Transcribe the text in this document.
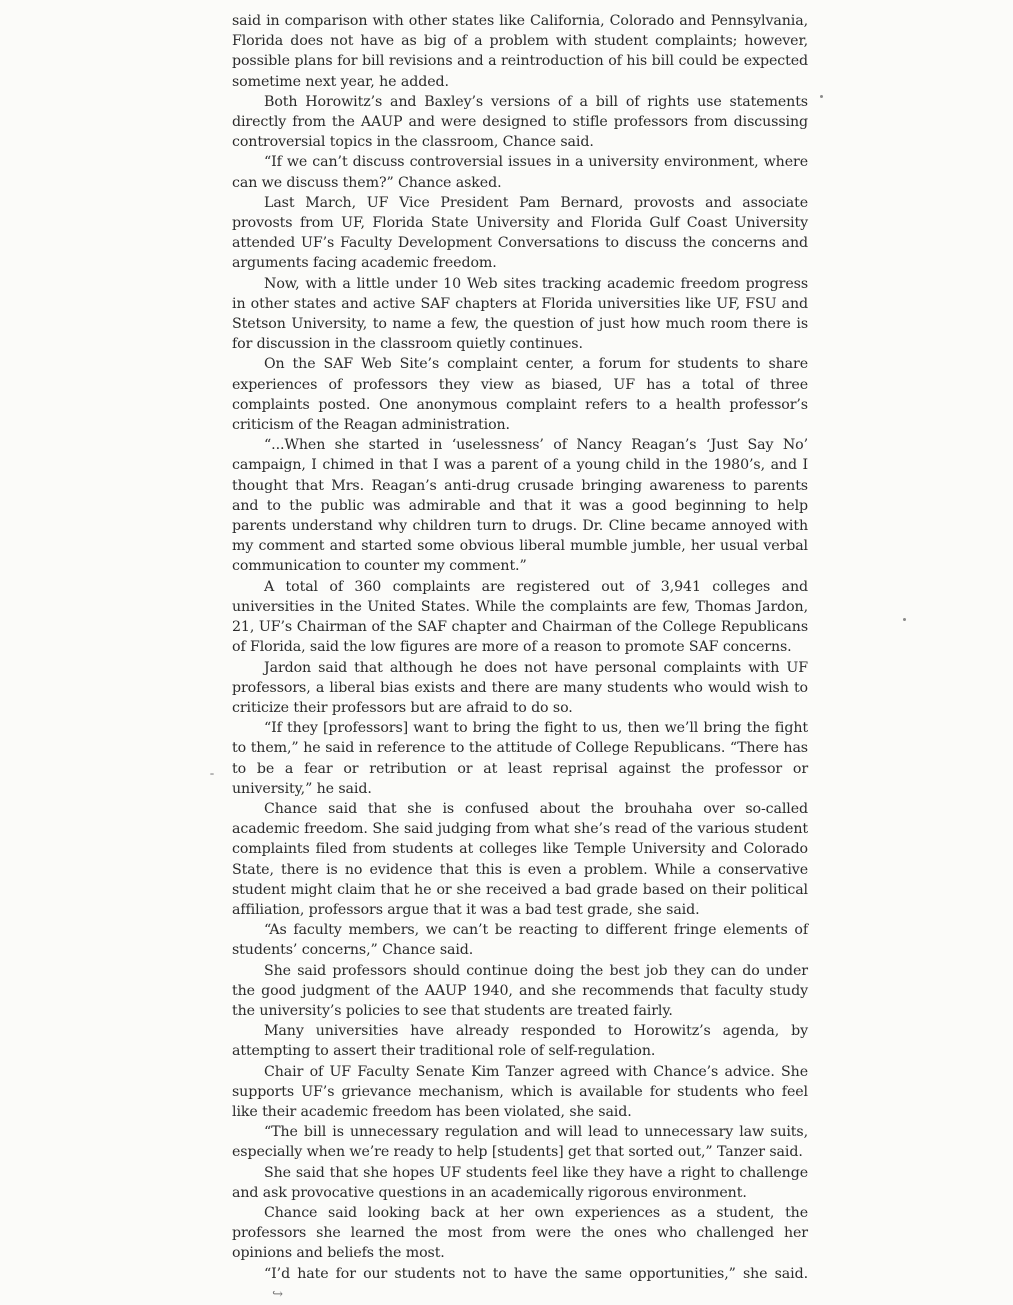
said in comparison with other states like California, Colorado and Pennsylvania, Florida does not have as big of a problem with student complaints; however, possible plans for bill revisions and a reintroduction of his bill could be expected sometime next year, he added.

Both Horowitz’s and Baxley’s versions of a bill of rights use statements directly from the AAUP and were designed to stifle professors from discussing controversial topics in the classroom, Chance said.

“If we can’t discuss controversial issues in a university environment, where can we discuss them?” Chance asked.

Last March, UF Vice President Pam Bernard, provosts and associate provosts from UF, Florida State University and Florida Gulf Coast University attended UF’s Faculty Development Conversations to discuss the concerns and arguments facing academic freedom.

Now, with a little under 10 Web sites tracking academic freedom progress in other states and active SAF chapters at Florida universities like UF, FSU and Stetson University, to name a few, the question of just how much room there is for discussion in the classroom quietly continues.

On the SAF Web Site’s complaint center, a forum for students to share experiences of professors they view as biased, UF has a total of three complaints posted. One anonymous complaint refers to a health professor’s criticism of the Reagan administration.

“...When she started in ‘uselessness’ of Nancy Reagan’s ‘Just Say No’ campaign, I chimed in that I was a parent of a young child in the 1980’s, and I thought that Mrs. Reagan’s anti-drug crusade bringing awareness to parents and to the public was admirable and that it was a good beginning to help parents understand why children turn to drugs. Dr. Cline became annoyed with my comment and started some obvious liberal mumble jumble, her usual verbal communication to counter my comment.”

A total of 360 complaints are registered out of 3,941 colleges and universities in the United States. While the complaints are few, Thomas Jardon, 21, UF’s Chairman of the SAF chapter and Chairman of the College Republicans of Florida, said the low figures are more of a reason to promote SAF concerns.

Jardon said that although he does not have personal complaints with UF professors, a liberal bias exists and there are many students who would wish to criticize their professors but are afraid to do so.

“If they [professors] want to bring the fight to us, then we’ll bring the fight to them,” he said in reference to the attitude of College Republicans. “There has to be a fear or retribution or at least reprisal against the professor or university,” he said.

Chance said that she is confused about the brouhaha over so-called academic freedom. She said judging from what she’s read of the various student complaints filed from students at colleges like Temple University and Colorado State, there is no evidence that this is even a problem. While a conservative student might claim that he or she received a bad grade based on their political affiliation, professors argue that it was a bad test grade, she said.

“As faculty members, we can’t be reacting to different fringe elements of students’ concerns,” Chance said.

She said professors should continue doing the best job they can do under the good judgment of the AAUP 1940, and she recommends that faculty study the university’s policies to see that students are treated fairly.

Many universities have already responded to Horowitz’s agenda, by attempting to assert their traditional role of self-regulation.

Chair of UF Faculty Senate Kim Tanzer agreed with Chance’s advice. She supports UF’s grievance mechanism, which is available for students who feel like their academic freedom has been violated, she said.

“The bill is unnecessary regulation and will lead to unnecessary law suits, especially when we’re ready to help [students] get that sorted out,” Tanzer said.

She said that she hopes UF students feel like they have a right to challenge and ask provocative questions in an academically rigorous environment.

Chance said looking back at her own experiences as a student, the professors she learned the most from were the ones who challenged her opinions and beliefs the most.

“I’d hate for our students not to have the same opportunities,” she said.↪
